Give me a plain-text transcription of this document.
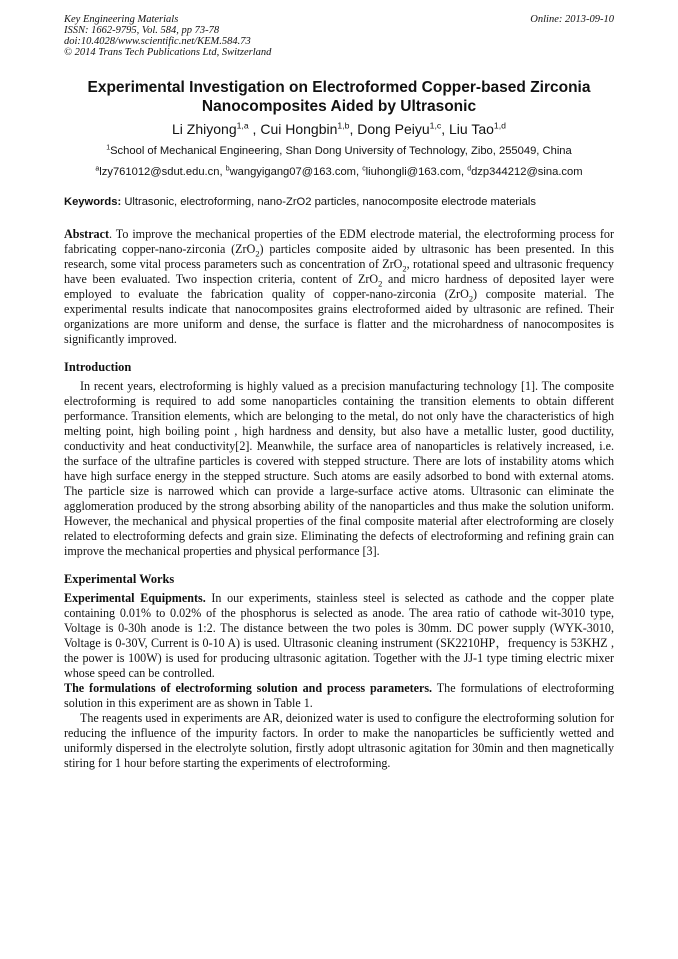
Key Engineering Materials	Online: 2013-09-10
ISSN: 1662-9795, Vol. 584, pp 73-78
doi:10.4028/www.scientific.net/KEM.584.73
© 2014 Trans Tech Publications Ltd, Switzerland
Experimental Investigation on Electroformed Copper-based Zirconia
Nanocomposites Aided by Ultrasonic
Li Zhiyong$^{1,a}$ , Cui Hongbin$^{1,b}$, Dong Peiyu$^{1,c}$, Liu Tao$^{1,d}$
$^1$School of Mechanical Engineering, Shan Dong University of Technology, Zibo, 255049, China
$^a$lzy761012@sdut.edu.cn, $^b$wangyigang07@163.com, $^c$liuhongli@163.com, $^d$dzp344212@sina.com
Keywords: Ultrasonic, electroforming, nano-ZrO2 particles, nanocomposite electrode materials

Abstract. To improve the mechanical properties of the EDM electrode material, the electroforming process for fabricating copper-nano-zirconia (ZrO$_2$) particles composite aided by ultrasonic has been presented. In this research, some vital process parameters such as concentration of ZrO$_2$, rotational speed and ultrasonic frequency have been evaluated. Two inspection criteria, content of ZrO$_2$ and micro hardness of deposited layer were employed to evaluate the fabrication quality of copper-nano-zirconia (ZrO$_2$) composite material. The experimental results indicate that nanocomposites grains electroformed aided by ultrasonic are refined. Their organizations are more uniform and dense, the surface is flatter and the microhardness of nanocomposites is significantly improved.

Introduction

In recent years, electroforming is highly valued as a precision manufacturing technology [1]. The composite electroforming is required to add some nanoparticles containing the transition elements to obtain different performance. Transition elements, which are belonging to the metal, do not only have the characteristics of high melting point, high boiling point , high hardness and density, but also have a metallic luster, good ductility, conductivity and heat conductivity[2]. Meanwhile, the surface area of nanoparticles is relatively increased, i.e. the surface of the ultrafine particles is covered with stepped structure. There are lots of instability atoms which have high surface energy in the stepped structure. Such atoms are easily adsorbed to bond with external atoms. The particle size is narrowed which can provide a large-surface active atoms. Ultrasonic can eliminate the agglomeration produced by the strong absorbing ability of the nanoparticles and thus make the solution uniform. However, the mechanical and physical properties of the final composite material after electroforming are closely related to electroforming defects and grain size. Eliminating the defects of electroforming and refining grain can improve the mechanical properties and physical performance [3].

Experimental Works

Experimental Equipments. In our experiments, stainless steel is selected as cathode and the copper plate containing 0.01% to 0.02% of the phosphorus is selected as anode. The area ratio of cathode wit-3010 type, Voltage is 0-30h anode is 1:2. The distance between the two poles is 30mm. DC power supply (WYK-3010, Voltage is 0-30V, Current is 0-10 A) is used. Ultrasonic cleaning instrument (SK2210HP，frequency is 53KHZ , the power is 100W) is used for producing ultrasonic agitation. Together with the JJ-1 type timing electric mixer whose speed can be controlled.

The formulations of electroforming solution and process parameters. The formulations of electroforming solution in this experiment are as shown in Table 1.

The reagents used in experiments are AR, deionized water is used to configure the electroforming solution for reducing the influence of the impurity factors. In order to make the nanoparticles be sufficiently wetted and uniformly dispersed in the electrolyte solution, firstly adopt ultrasonic agitation for 30min and then magnetically stiring for 1 hour before starting the experiments of electroforming.
